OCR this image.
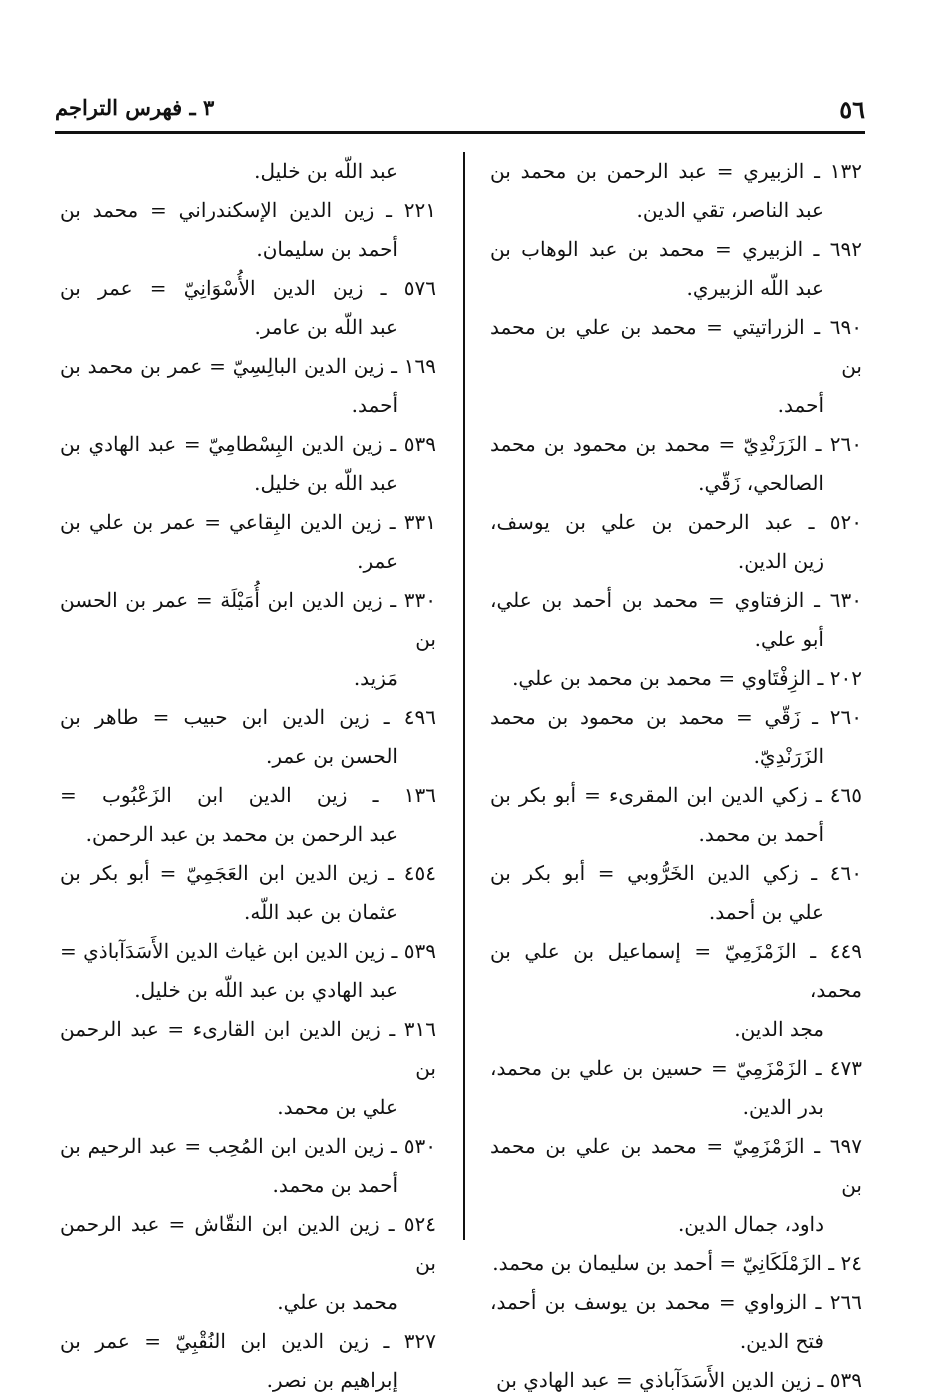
٥٦
٣ ـ فهرس التراجم

١٣٢ ـ الزبيري = عبد الرحمن بن محمد بن
عبد الناصر، تقي الدين.

٦٩٢ ـ الزبيري = محمد بن عبد الوهاب بن
عبد اللّه الزبيري.

٦٩٠ ـ الزراتيتي = محمد بن علي بن محمد بن
أحمد.

٢٦٠ ـ الزَرَنْدِيّ = محمد بن محمود بن محمد
الصالحي، زَقّي.

٥٢٠ ـ عبد الرحمن بن علي بن يوسف،
زين الدين.

٦٣٠ ـ الزفتاوي = محمد بن أحمد بن علي،
أبو علي.

٢٠٢ ـ الزِفْتَاوي = محمد بن محمد بن علي.

٢٦٠ ـ زَقّي = محمد بن محمود بن محمد
الزَرَنْدِيّ.

٤٦٥ ـ زكي الدين ابن المقرىء = أبو بكر بن
أحمد بن محمد.

٤٦٠ ـ زكي الدين الخَرُّوبي = أبو بكر بن
علي بن أحمد.

٤٤٩ ـ الزَمْزَمِيّ = إسماعيل بن علي بن محمد،
مجد الدين.

٤٧٣ ـ الزَمْزَمِيّ = حسين بن علي بن محمد،
بدر الدين.

٦٩٧ ـ الزَمْزَمِيّ = محمد بن علي بن محمد بن
داود، جمال الدين.

٢٤ ـ الزَمْلَكَانِيّ = أحمد بن سليمان بن محمد.

٢٦٦ ـ الزواوي = محمد بن يوسف بن أحمد،
فتح الدين.

٥٣٩ ـ زين الدين الأَسَدَآباذي = عبد الهادي بن

عبد اللّه بن خليل.

٢٢١ ـ زين الدين الإسكندراني = محمد بن
أحمد بن سليمان.

٥٧٦ ـ زين الدين الأُسْوَانِيّ = عمر بن
عبد اللّه بن عامر.

١٦٩ ـ زين الدين البالِسِيّ = عمر بن محمد بن
أحمد.

٥٣٩ ـ زين الدين البِسْطامِيّ = عبد الهادي بن
عبد اللّه بن خليل.

٣٣١ ـ زين الدين البِقاعي = عمر بن علي بن
عمر.

٣٣٠ ـ زين الدين ابن أُمَيْلَة = عمر بن الحسن بن
مَزيد.

٤٩٦ ـ زين الدين ابن حبيب = طاهر بن
الحسن بن عمر.

١٣٦ ـ زين الدين ابن الزَعْبُوب =
عبد الرحمن بن محمد بن عبد الرحمن.

٤٥٤ ـ زين الدين ابن العَجَمِيّ = أبو بكر بن
عثمان بن عبد اللّه.

٥٣٩ ـ زين الدين ابن غياث الدين الأَسَدَآباذي =
عبد الهادي بن عبد اللّه بن خليل.

٣١٦ ـ زين الدين ابن القارىء = عبد الرحمن بن
علي بن محمد.

٥٣٠ ـ زين الدين ابن المُحِب = عبد الرحيم بن
أحمد بن محمد.

٥٢٤ ـ زين الدين ابن النقّاش = عبد الرحمن بن
محمد بن علي.

٣٢٧ ـ زين الدين ابن النُقْبِيّ = عمر بن
إبراهيم بن نصر.
